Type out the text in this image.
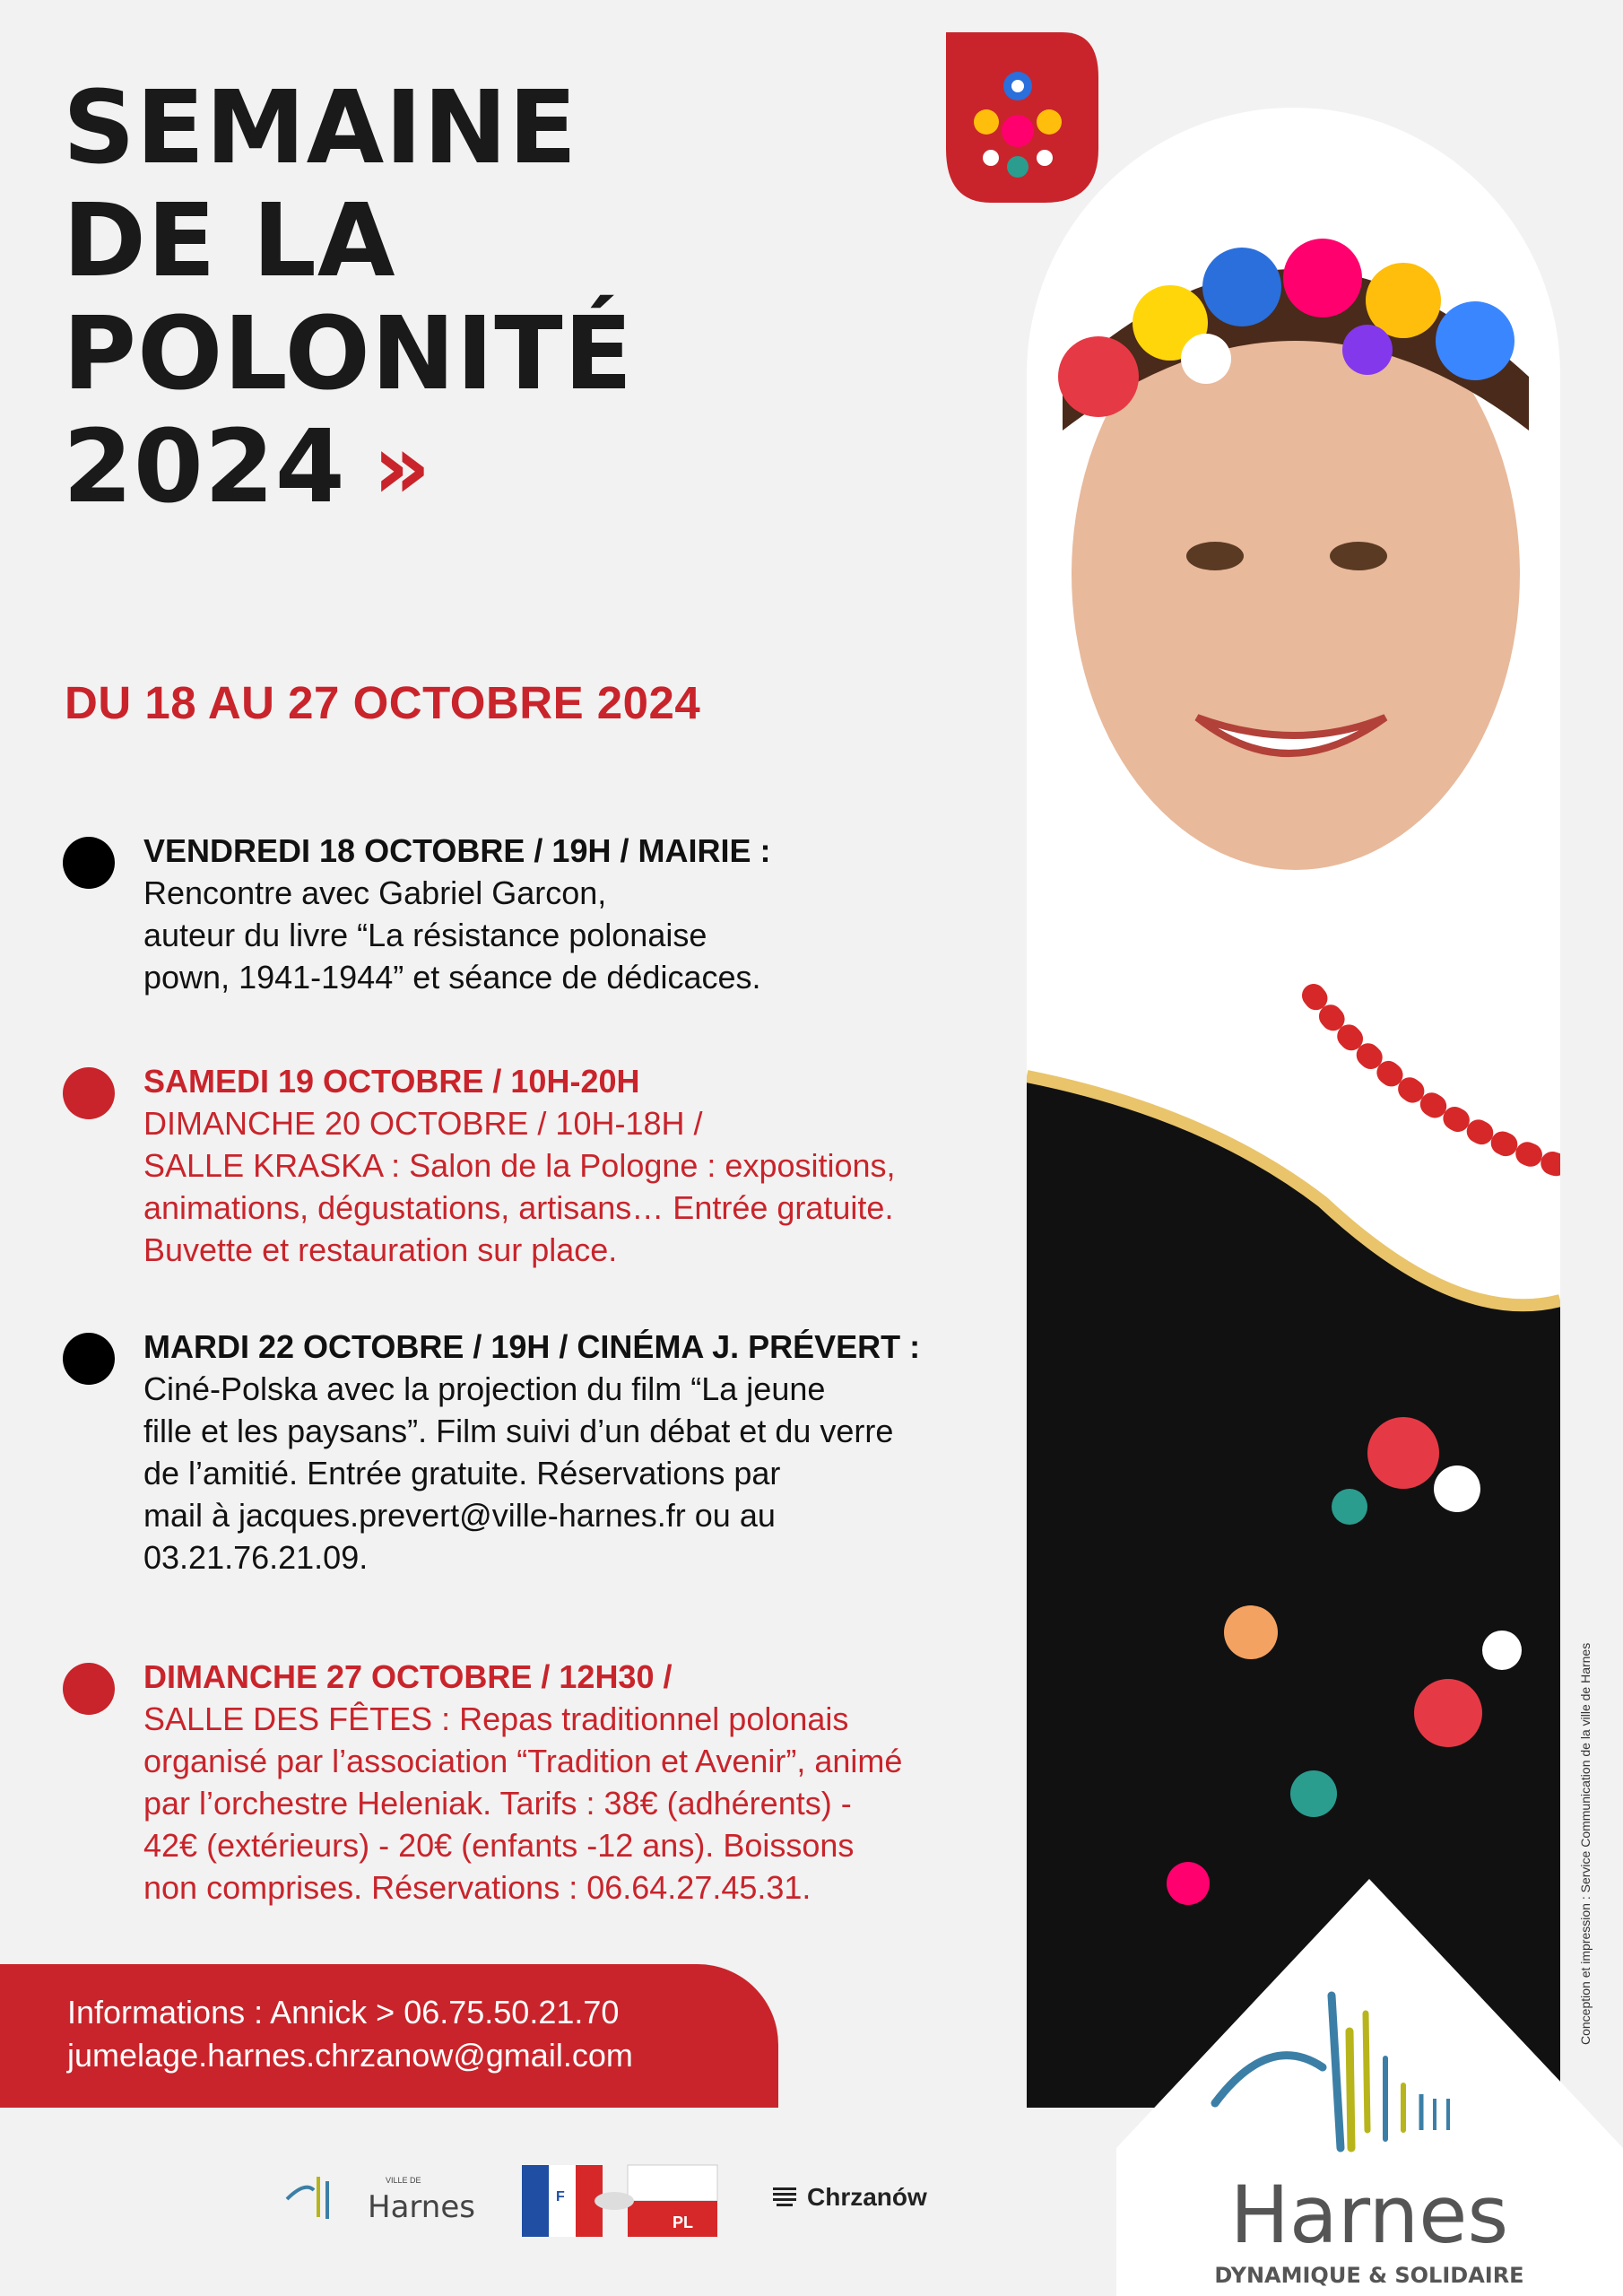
SEMAINE
DE LA
POLONITÉ
2024 »

DU 18 AU 27 OCTOBRE 2024

VENDREDI 18 OCTOBRE / 19H / MAIRIE :
Rencontre avec Gabriel Garcon,
auteur du livre “La résistance polonaise
pown, 1941-1944” et séance de dédicaces.
SAMEDI 19 OCTOBRE / 10H-20H
DIMANCHE 20 OCTOBRE / 10H-18H /
SALLE KRASKA : Salon de la Pologne : expositions,
animations, dégustations, artisans… Entrée gratuite.
Buvette et restauration sur place.
MARDI 22 OCTOBRE / 19H / CINÉMA J. PRÉVERT :
Ciné-Polska avec la projection du film “La jeune
fille et les paysans”. Film suivi d’un débat et du verre
de l’amitié. Entrée gratuite. Réservations par
mail à jacques.prevert@ville-harnes.fr ou au
03.21.76.21.09.
DIMANCHE 27 OCTOBRE / 12H30 /
SALLE DES FÊTES : Repas traditionnel polonais
organisé par l’association “Tradition et Avenir”, animé
par l’orchestre Heleniak. Tarifs : 38€ (adhérents) -
42€ (extérieurs) - 20€ (enfants -12 ans). Boissons
non comprises. Réservations : 06.64.27.45.31.
Informations : Annick > 06.75.50.21.70
jumelage.harnes.chrzanow@gmail.com
Conception et impression : Service Communication de la ville de Harnes
VILLE DE
Harnes	F
PL
Chrzanów	Harnes
DYNAMIQUE & SOLIDAIRE
